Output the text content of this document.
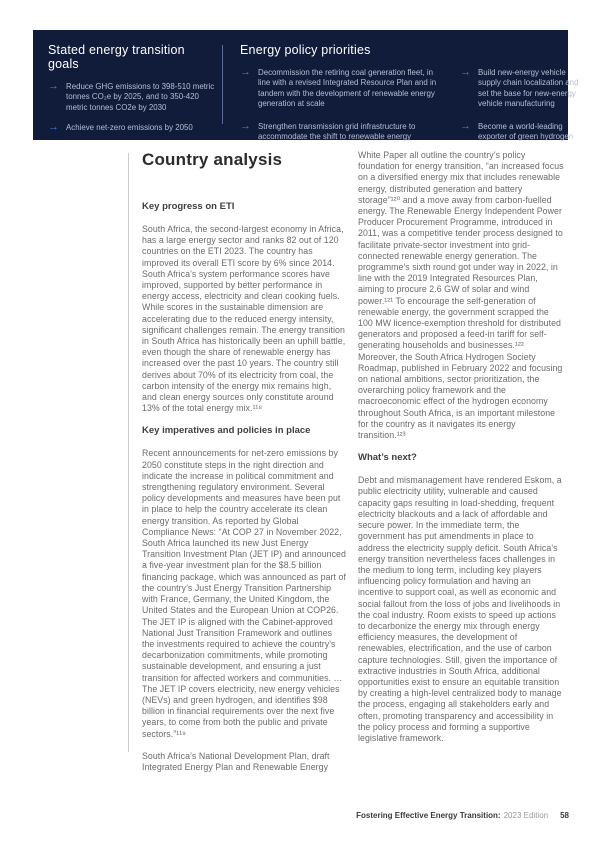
Stated energy transition goals
→ Reduce GHG emissions to 398-510 metric tonnes CO₂e by 2025, and to 350-420 metric tonnes CO2e by 2030
→ Achieve net-zero emissions by 2050
Energy policy priorities
→ Decommission the retiring coal generation fleet, in line with a revised Integrated Resource Plan and in tandem with the development of renewable energy generation at scale
→ Strengthen transmission grid infrastructure to accommodate the shift to renewable energy
→ Build new-energy vehicle supply chain localization and set the base for new-energy vehicle manufacturing
→ Become a world-leading exporter of green hydrogen
Country analysis
Key progress on ETI

South Africa, the second-largest economy in Africa, has a large energy sector and ranks 82 out of 120 countries on the ETI 2023. The country has improved its overall ETI score by 6% since 2014. South Africa’s system performance scores have improved, supported by better performance in energy access, electricity and clean cooking fuels. While scores in the sustainable dimension are accelerating due to the reduced energy intensity, significant challenges remain. The energy transition in South Africa has historically been an uphill battle, even though the share of renewable energy has increased over the past 10 years. The country still derives about 70% of its electricity from coal, the carbon intensity of the energy mix remains high, and clean energy sources only constitute around 13% of the total energy mix.¹¹⁸

Key imperatives and policies in place

Recent announcements for net-zero emissions by 2050 constitute steps in the right direction and indicate the increase in political commitment and strengthening regulatory environment. Several policy developments and measures have been put in place to help the country accelerate its clean energy transition. As reported by Global Compliance News: “At COP 27 in November 2022, South Africa launched its new Just Energy Transition Investment Plan (JET IP) and announced a five-year investment plan for the $8.5 billion financing package, which was announced as part of the country’s Just Energy Transition Partnership with France, Germany, the United Kingdom, the United States and the European Union at COP26. The JET IP is aligned with the Cabinet-approved National Just Transition Framework and outlines the investments required to achieve the country’s decarbonization commitments, while promoting sustainable development, and ensuring a just transition for affected workers and communities. … The JET IP covers electricity, new energy vehicles (NEVs) and green hydrogen, and identifies $98 billion in financial requirements over the next five years, to come from both the public and private sectors.”¹¹⁹

South Africa’s National Development Plan, draft Integrated Energy Plan and Renewable Energy

White Paper all outline the country’s policy foundation for energy transition, “an increased focus on a diversified energy mix that includes renewable energy, distributed generation and battery storage”¹²⁰ and a move away from carbon-fuelled energy. The Renewable Energy Independent Power Producer Procurement Programme, introduced in 2011, was a competitive tender process designed to facilitate private-sector investment into grid-connected renewable energy generation. The programme’s sixth round got under way in 2022, in line with the 2019 Integrated Resources Plan, aiming to procure 2.6 GW of solar and wind power.¹²¹ To encourage the self-generation of renewable energy, the government scrapped the 100 MW licence-exemption threshold for distributed generators and proposed a feed-in tariff for self-generating households and businesses.¹²² Moreover, the South Africa Hydrogen Society Roadmap, published in February 2022 and focusing on national ambitions, sector prioritization, the overarching policy framework and the macroeconomic effect of the hydrogen economy throughout South Africa, is an important milestone for the country as it navigates its energy transition.¹²³

What’s next?

Debt and mismanagement have rendered Eskom, a public electricity utility, vulnerable and caused capacity gaps resulting in load-shedding, frequent electricity blackouts and a lack of affordable and secure power. In the immediate term, the government has put amendments in place to address the electricity supply deficit. South Africa’s energy transition nevertheless faces challenges in the medium to long term, including key players influencing policy formulation and having an incentive to support coal, as well as economic and social fallout from the loss of jobs and livelihoods in the coal industry. Room exists to speed up actions to decarbonize the energy mix through energy efficiency measures, the development of renewables, electrification, and the use of carbon capture technologies. Still, given the importance of extractive industries in South Africa, additional opportunities exist to ensure an equitable transition by creating a high-level centralized body to manage the process, engaging all stakeholders early and often, promoting transparency and accessibility in the policy process and forming a supportive legislative framework.

Fostering Effective Energy Transition: 2023 Edition 58
